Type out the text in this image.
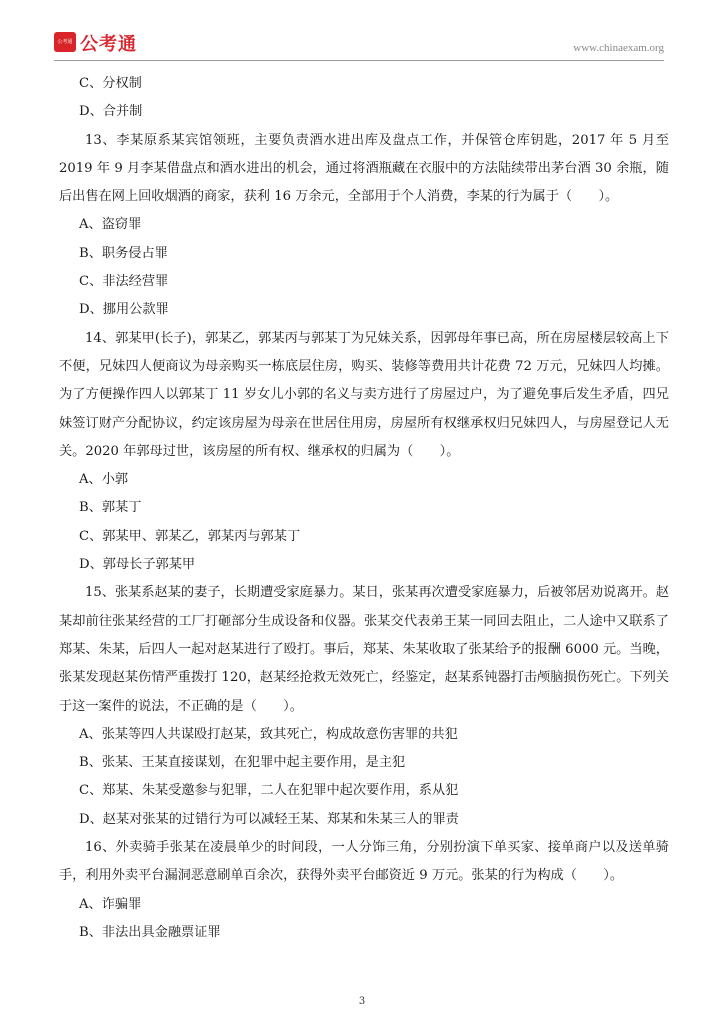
公考通 公考通	www.chinaexam.org
C、分权制
D、合并制
13、李某原系某宾馆领班，主要负责酒水进出库及盘点工作，并保管仓库钥匙，2017 年 5 月至 2019 年 9 月李某借盘点和酒水进出的机会，通过将酒瓶藏在衣服中的方法陆续带出茅台酒 30 余瓶，随后出售在网上回收烟酒的商家，获利 16 万余元，全部用于个人消费，李某的行为属于（　　）。
A、盗窃罪
B、职务侵占罪
C、非法经营罪
D、挪用公款罪
14、郭某甲(长子)，郭某乙，郭某丙与郭某丁为兄妹关系，因郭母年事已高，所在房屋楼层较高上下不便，兄妹四人便商议为母亲购买一栋底层住房，购买、装修等费用共计花费 72 万元，兄妹四人均摊。为了方便操作四人以郭某丁 11 岁女儿小郭的名义与卖方进行了房屋过户，为了避免事后发生矛盾，四兄妹签订财产分配协议，约定该房屋为母亲在世居住用房，房屋所有权继承权归兄妹四人，与房屋登记人无关。2020 年郭母过世，该房屋的所有权、继承权的归属为（　　）。
A、小郭
B、郭某丁
C、郭某甲、郭某乙，郭某丙与郭某丁
D、郭母长子郭某甲
15、张某系赵某的妻子，长期遭受家庭暴力。某日，张某再次遭受家庭暴力，后被邻居劝说离开。赵某却前往张某经营的工厂打砸部分生成设备和仪器。张某交代表弟王某一同回去阻止，二人途中又联系了郑某、朱某，后四人一起对赵某进行了殴打。事后，郑某、朱某收取了张某给予的报酬 6000 元。当晚，张某发现赵某伤情严重拨打 120，赵某经抢救无效死亡，经鉴定，赵某系钝器打击颅脑损伤死亡。下列关于这一案件的说法，不正确的是（　　）。
A、张某等四人共谋殴打赵某，致其死亡，构成故意伤害罪的共犯
B、张某、王某直接谋划，在犯罪中起主要作用，是主犯
C、郑某、朱某受邀参与犯罪，二人在犯罪中起次要作用，系从犯
D、赵某对张某的过错行为可以减轻王某、郑某和朱某三人的罪责
16、外卖骑手张某在凌晨单少的时间段，一人分饰三角，分别扮演下单买家、接单商户以及送单骑手，利用外卖平台漏洞恶意刷单百余次，获得外卖平台邮资近 9 万元。张某的行为构成（　　）。
A、诈骗罪
B、非法出具金融票证罪
3
